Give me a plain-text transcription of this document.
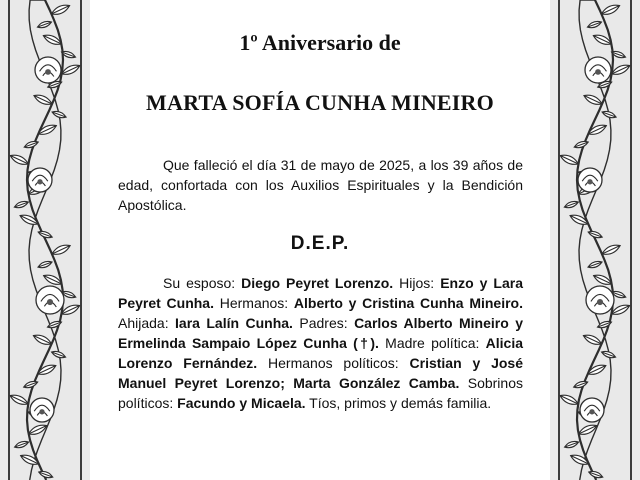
1º Aniversario de
MARTA SOFÍA CUNHA MINEIRO

Que falleció el día 31 de mayo de 2025, a los 39 años de edad, confortada con los Auxilios Espirituales y la Bendición Apostólica.

D.E.P.

Su esposo: Diego Peyret Lorenzo. Hijos: Enzo y Lara Peyret Cunha. Hermanos: Alberto y Cristina Cunha Mineiro. Ahijada: Iara Lalín Cunha. Padres: Carlos Alberto Mineiro y Ermelinda Sampaio López Cunha (†). Madre política: Alicia Lorenzo Fernández. Hermanos políticos: Cristian y José Manuel Peyret Lorenzo; Marta González Camba. Sobrinos políticos: Facundo y Micaela. Tíos, primos y demás familia.
